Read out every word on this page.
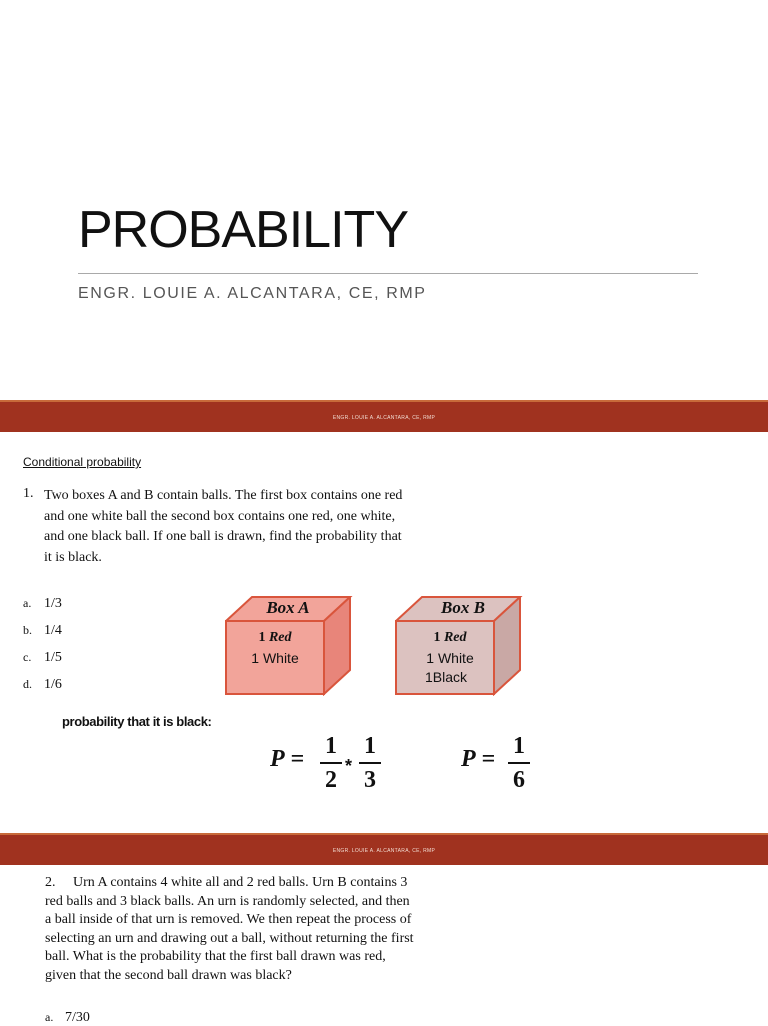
PROBABILITY
ENGR. LOUIE A. ALCANTARA, CE, RMP
ENGR. LOUIE A. ALCANTARA, CE, RMP
Conditional probability
1. Two boxes A and B contain balls. The first box contains one red and one white ball the second box contains one red, one white, and one black ball. If one ball is drawn, find the probability that it is black.
a. 1/3
b. 1/4
c. 1/5
d. 1/6
Box A
1 Red
1 White
Box B
1 Red
1 White
1Black
probability that it is black:
P = 1
2
*
1
3
P = 1
6
ENGR. LOUIE A. ALCANTARA, CE, RMP
2. Urn A contains 4 white all and 2 red balls. Urn B contains 3 red balls and 3 black balls. An urn is randomly selected, and then a ball inside of that urn is removed. We then repeat the process of selecting an urn and drawing out a ball, without returning the first ball. What is the probability that the first ball drawn was red, given that the second ball drawn was black?
a. 7/30
